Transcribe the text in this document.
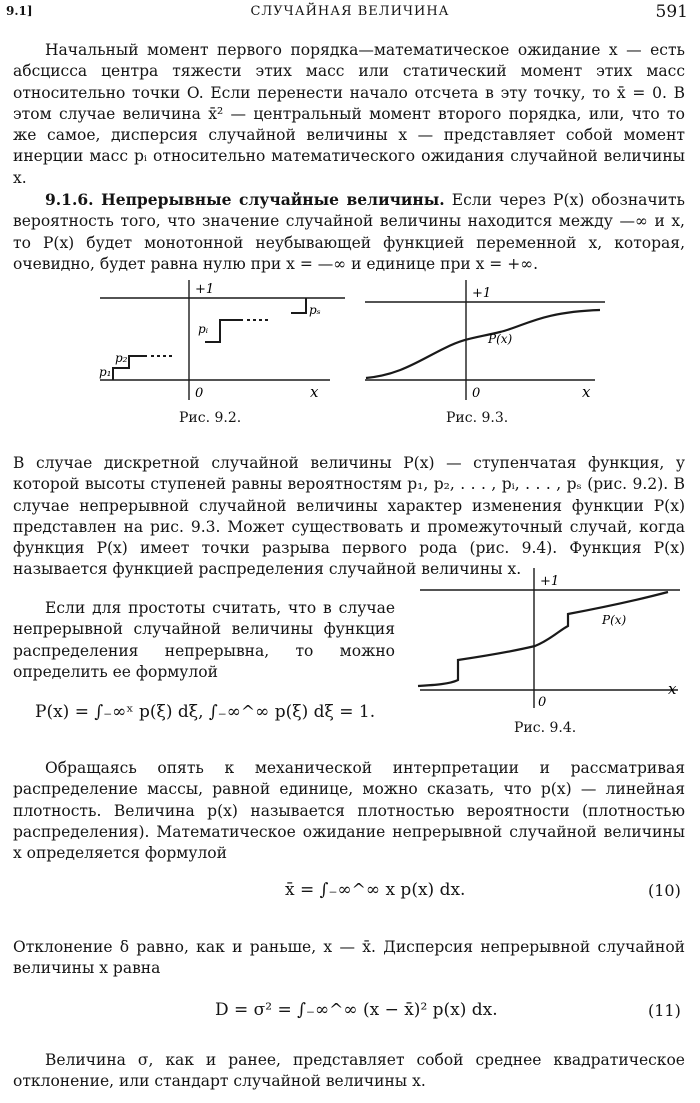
9.1]	СЛУЧАЙНАЯ ВЕЛИЧИНА	591

Начальный момент первого порядка—математическое ожидание x — есть абсцисса центра тяжести этих масс или статический момент этих масс относительно точки O. Если перенести начало отсчета в эту точку, то x̄ = 0. В этом случае величина x̄² — центральный момент второго порядка, или, что то же самое, дисперсия случайной величины x — представляет собой момент инерции масс pᵢ относительно математического ожидания случайной величины x.

9.1.6. Непрерывные случайные величины. Если через P(x) обозначить вероятность того, что значение случайной величины находится между —∞ и x, то P(x) будет монотонной неубывающей функцией переменной x, которая, очевидно, будет равна нулю при x = —∞ и единице при x = +∞.

+1
0	x
p₁
p₂
pᵢ
pₛ
Рис. 9.2.
+1
0	x
P(x)
Рис. 9.3.

В случае дискретной случайной величины P(x) — ступенчатая функция, у которой высоты ступеней равны вероятностям p₁, p₂, . . . , pᵢ, . . . , pₛ (рис. 9.2). В случае непрерывной случайной величины характер изменения функции P(x) представлен на рис. 9.3. Может существовать и промежуточный случай, когда функция P(x) имеет точки разрыва первого рода (рис. 9.4). Функция P(x) называется функцией распределения случайной величины x.

+1
0
x
P(x)
Рис. 9.4.

Если для простоты считать, что в случае непрерывной случайной величины функция распределения непрерывна, то можно определить ее формулой

P(x) = ∫₋∞ˣ p(ξ) dξ, ∫₋∞^∞ p(ξ) dξ = 1.

Обращаясь опять к механической интерпретации и рассматривая распределение массы, равной единице, можно сказать, что p(x) — линейная плотность. Величина p(x) называется плотностью вероятности (плотностью распределения). Математическое ожидание непрерывной случайной величины x определяется формулой

x̄ = ∫₋∞^∞ x p(x) dx.	(10)

Отклонение δ равно, как и раньше, x — x̄. Дисперсия непрерывной случайной величины x равна

D = σ² = ∫₋∞^∞ (x − x̄)² p(x) dx.	(11)

Величина σ, как и ранее, представляет собой среднее квадратическое отклонение, или стандарт случайной величины x.
